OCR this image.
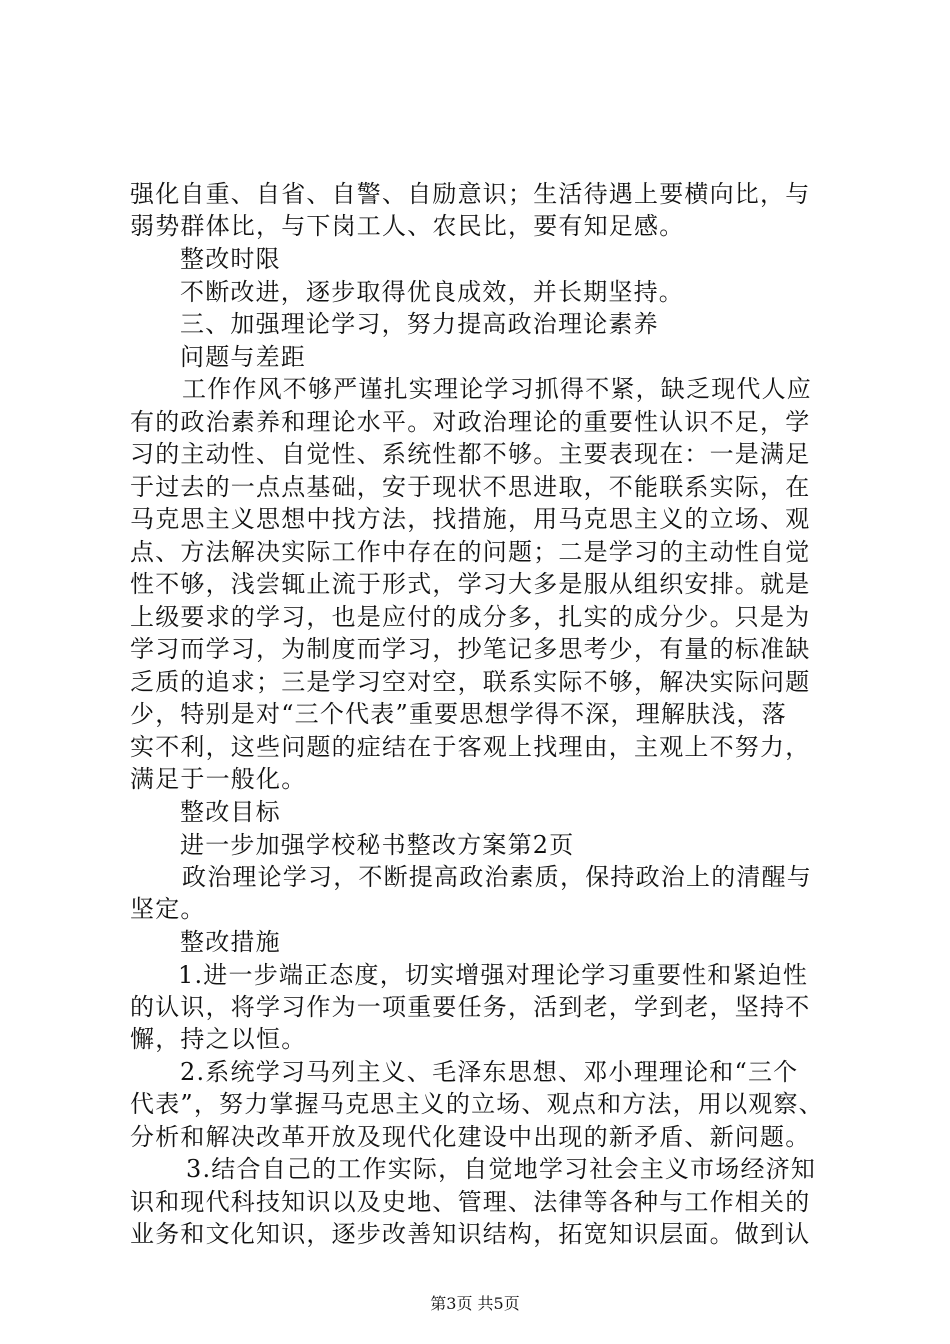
强化自重、自省、自警、自励意识；生活待遇上要横向比，与
弱势群体比，与下岗工人、农民比，要有知足感。
整改时限
不断改进，逐步取得优良成效，并长期坚持。
三、加强理论学习，努力提高政治理论素养
问题与差距
工作作风不够严谨扎实理论学习抓得不紧，缺乏现代人应
有的政治素养和理论水平。对政治理论的重要性认识不足，学
习的主动性、自觉性、系统性都不够。主要表现在：一是满足
于过去的一点点基础，安于现状不思进取，不能联系实际，在
马克思主义思想中找方法，找措施，用马克思主义的立场、观
点、方法解决实际工作中存在的问题；二是学习的主动性自觉
性不够，浅尝辄止流于形式，学习大多是服从组织安排。就是
上级要求的学习，也是应付的成分多，扎实的成分少。只是为
学习而学习，为制度而学习，抄笔记多思考少，有量的标准缺
乏质的追求；三是学习空对空，联系实际不够，解决实际问题
少，特别是对“三个代表”重要思想学得不深，理解肤浅，落
实不利，这些问题的症结在于客观上找理由，主观上不努力，
满足于一般化。
整改目标
进一步加强学校秘书整改方案第2页
政治理论学习，不断提高政治素质，保持政治上的清醒与
坚定。
整改措施
1.进一步端正态度，切实增强对理论学习重要性和紧迫性
的认识，将学习作为一项重要任务，活到老，学到老，坚持不
懈，持之以恒。
2.系统学习马列主义、毛泽东思想、邓小理理论和“三个
代表”，努力掌握马克思主义的立场、观点和方法，用以观察、
分析和解决改革开放及现代化建设中出现的新矛盾、新问题。
3.结合自己的工作实际，自觉地学习社会主义市场经济知
识和现代科技知识以及史地、管理、法律等各种与工作相关的
业务和文化知识，逐步改善知识结构，拓宽知识层面。做到认
第3页 共5页
